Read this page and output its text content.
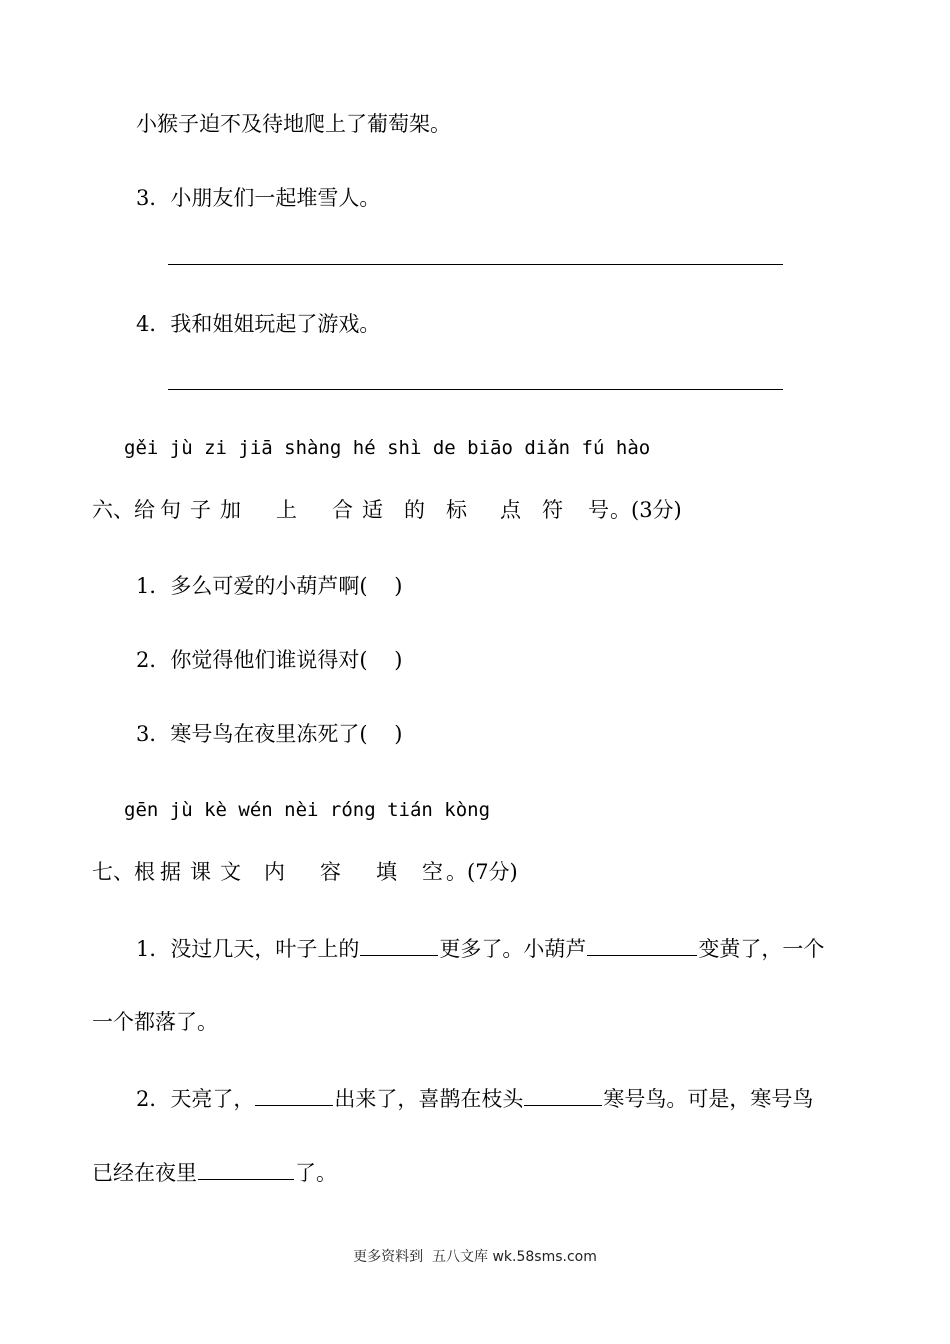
小猴子迫不及待地爬上了葡萄架。
3．小朋友们一起堆雪人。
4．我和姐姐玩起了游戏。
gěi jù zi jiā shàng hé shì de biāo diǎn fú hào
六、给 句 子 加 上 合 适 的 标 点 符 号。(3分)
1．多么可爱的小葫芦啊(    )
2．你觉得他们谁说得对(    )
3．寒号鸟在夜里冻死了(    )
gēn jù kè wén nèi róng tián kòng
七、根 据 课 文 内 容 填 空 。(7分)
1．没过几天，叶子上的	更多了。小葫芦	变黄了，一个
一个都落了。
2．天亮了，	出来了，喜鹊在枝头	寒号鸟。可是，寒号鸟
已经在夜里	了。
更多资料到  五八文库 wk.58sms.com
